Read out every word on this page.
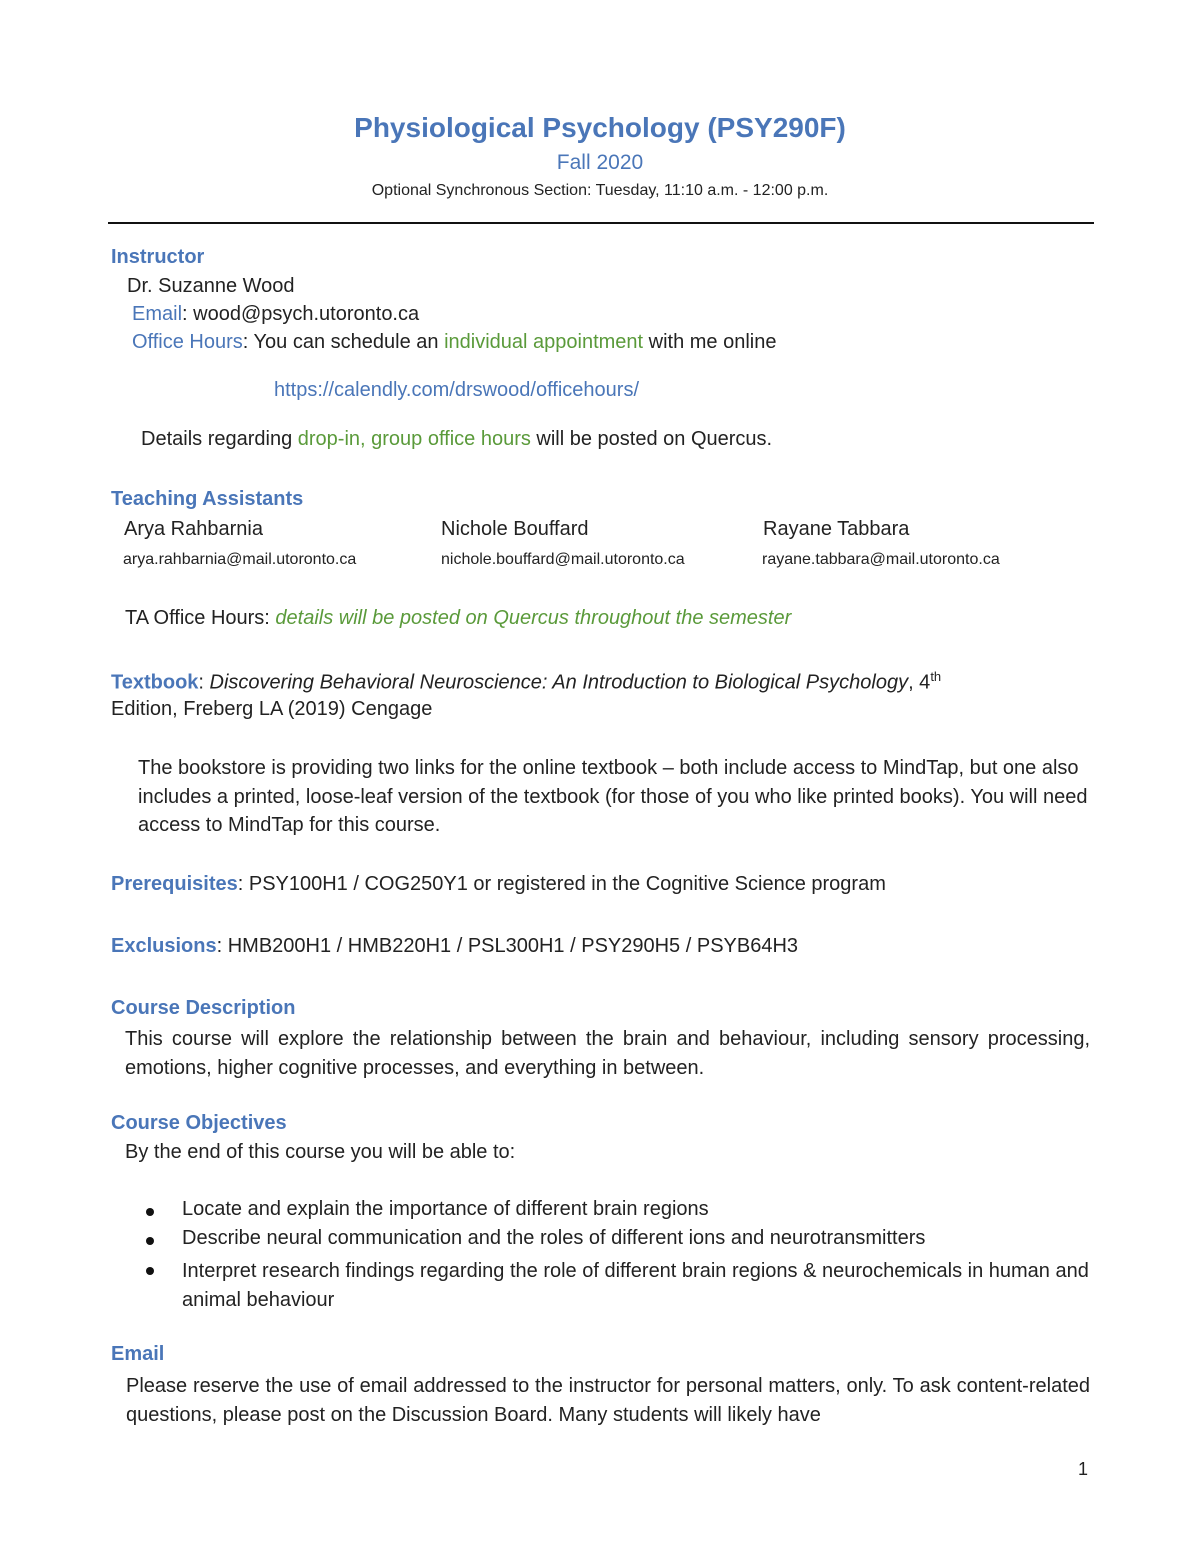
Physiological Psychology (PSY290F)
Fall 2020
Optional Synchronous Section: Tuesday, 11:10 a.m. - 12:00 p.m.
Instructor
Dr. Suzanne Wood
Email: wood@psych.utoronto.ca
Office Hours: You can schedule an individual appointment with me online
https://calendly.com/drswood/officehours/
Details regarding drop-in, group office hours will be posted on Quercus.
Teaching Assistants
Arya Rahbarnia
arya.rahbarnia@mail.utoronto.ca
Nichole Bouffard
nichole.bouffard@mail.utoronto.ca
Rayane Tabbara
rayane.tabbara@mail.utoronto.ca
TA Office Hours: details will be posted on Quercus throughout the semester
Textbook: Discovering Behavioral Neuroscience: An Introduction to Biological Psychology, 4th
Edition, Freberg LA (2019) Cengage
The bookstore is providing two links for the online textbook – both include access to MindTap, but one also includes a printed, loose-leaf version of the textbook (for those of you who like printed books). You will need access to MindTap for this course.
Prerequisites: PSY100H1 / COG250Y1 or registered in the Cognitive Science program
Exclusions: HMB200H1 / HMB220H1 / PSL300H1 / PSY290H5 / PSYB64H3
Course Description
This course will explore the relationship between the brain and behaviour, including sensory processing, emotions, higher cognitive processes, and everything in between.
Course Objectives
By the end of this course you will be able to:
Locate and explain the importance of different brain regions
Describe neural communication and the roles of different ions and neurotransmitters
Interpret research findings regarding the role of different brain regions & neurochemicals in human and animal behaviour
Email
Please reserve the use of email addressed to the instructor for personal matters, only. To ask content-related questions, please post on the Discussion Board. Many students will likely have
1
